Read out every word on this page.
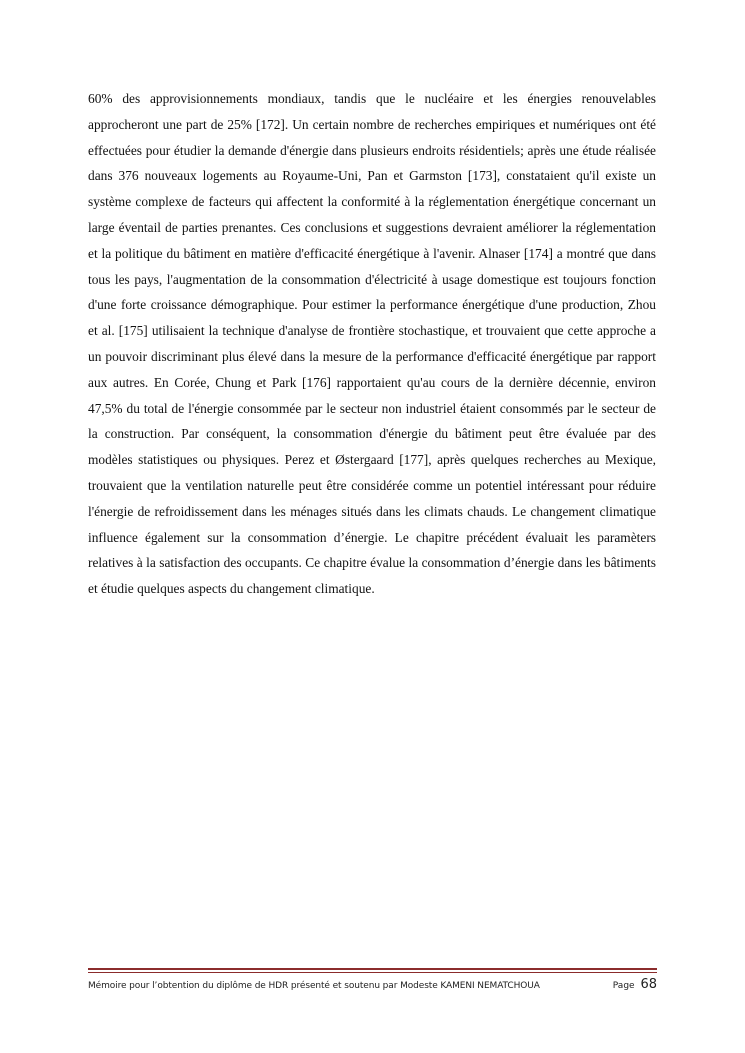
60% des approvisionnements mondiaux, tandis que le nucléaire et les énergies renouvelables approcheront une part de 25% [172]. Un certain nombre de recherches empiriques et numériques ont été effectuées pour étudier la demande d'énergie dans plusieurs endroits résidentiels; après une étude réalisée dans 376 nouveaux logements au Royaume-Uni, Pan et Garmston [173], constataient qu'il existe un système complexe de facteurs qui affectent la conformité à la réglementation énergétique concernant un large éventail de parties prenantes. Ces conclusions et suggestions devraient améliorer la réglementation et la politique du bâtiment en matière d'efficacité énergétique à l'avenir. Alnaser [174] a montré que dans tous les pays, l'augmentation de la consommation d'électricité à usage domestique est toujours fonction d'une forte croissance démographique. Pour estimer la performance énergétique d'une production, Zhou et al. [175] utilisaient la technique d'analyse de frontière stochastique, et trouvaient que cette approche a un pouvoir discriminant plus élevé dans la mesure de la performance d'efficacité énergétique par rapport aux autres. En Corée, Chung et Park [176] rapportaient qu'au cours de la dernière décennie, environ 47,5% du total de l'énergie consommée par le secteur non industriel étaient consommés par le secteur de la construction. Par conséquent, la consommation d'énergie du bâtiment peut être évaluée par des modèles statistiques ou physiques. Perez et Østergaard [177], après quelques recherches au Mexique, trouvaient que la ventilation naturelle peut être considérée comme un potentiel intéressant pour réduire l'énergie de refroidissement dans les ménages situés dans les climats chauds. Le changement climatique influence également sur la consommation d’énergie. Le chapitre précédent évaluait les paramèters relatives à la satisfaction des occupants. Ce chapitre évalue la consommation d’énergie dans les bâtiments et étudie quelques aspects du changement climatique.

Mémoire pour l’obtention du diplôme de HDR présenté et soutenu par Modeste KAMENI NEMATCHOUA	Page 68
